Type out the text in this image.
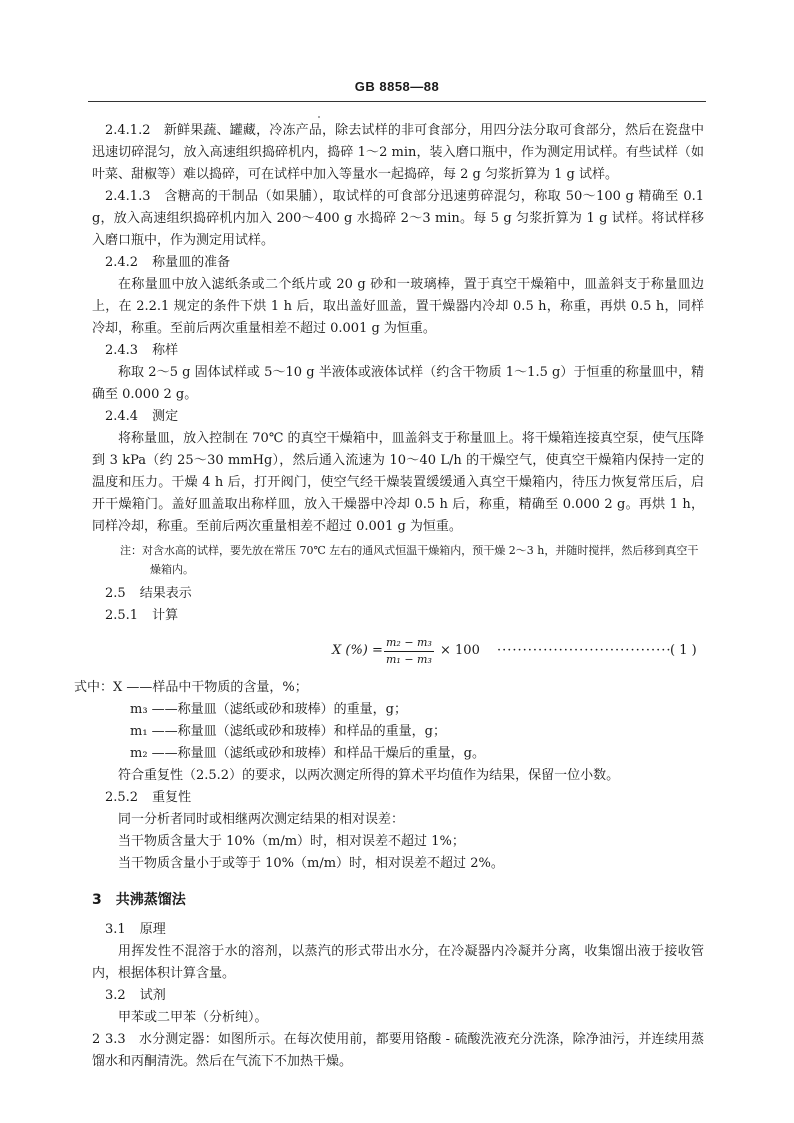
GB 8858—88

2.4.1.2　新鲜果蔬、罐藏，冷冻产品，除去试样的非可食部分，用四分法分取可食部分，然后在瓷盘中迅速切碎混匀，放入高速组织捣碎机内，捣碎 1～2 min，装入磨口瓶中，作为测定用试样。有些试样（如叶菜、甜椒等）难以捣碎，可在试样中加入等量水一起捣碎，每 2 g 匀浆折算为 1 g 试样。

2.4.1.3　含糖高的干制品（如果脯），取试样的可食部分迅速剪碎混匀，称取 50～100 g 精确至 0.1 g，放入高速组织捣碎机内加入 200～400 g 水捣碎 2～3 min。每 5 g 匀浆折算为 1 g 试样。将试样移入磨口瓶中，作为测定用试样。

2.4.2 称量皿的准备

在称量皿中放入滤纸条或二个纸片或 20 g 砂和一玻璃棒，置于真空干燥箱中，皿盖斜支于称量皿边上，在 2.2.1 规定的条件下烘 1 h 后，取出盖好皿盖，置干燥器内冷却 0.5 h，称重，再烘 0.5 h，同样冷却，称重。至前后两次重量相差不超过 0.001 g 为恒重。

2.4.3 称样

称取 2～5 g 固体试样或 5～10 g 半液体或液体试样（约含干物质 1～1.5 g）于恒重的称量皿中，精确至 0.000 2 g。

2.4.4 测定

将称量皿，放入控制在 70℃ 的真空干燥箱中，皿盖斜支于称量皿上。将干燥箱连接真空泵，使气压降到 3 kPa（约 25～30 mmHg），然后通入流速为 10～40 L/h 的干燥空气，使真空干燥箱内保持一定的温度和压力。干燥 4 h 后，打开阀门，使空气经干燥装置缓缓通入真空干燥箱内，待压力恢复常压后，启开干燥箱门。盖好皿盖取出称样皿，放入干燥器中冷却 0.5 h 后，称重，精确至 0.000 2 g。再烘 1 h，同样冷却，称重。至前后两次重量相差不超过 0.001 g 为恒重。

注：对含水高的试样，要先放在常压 70℃ 左右的通风式恒温干燥箱内，预干燥 2～3 h，并随时搅拌，然后移到真空干
燥箱内。

2.5 结果表示

2.5.1 计算

X (%) = $\frac{\text{m₂ − m₃}}{\text{m₁ − m₃}} \times 100$ ··································
( 1 )

式中：X ——样品中干物质的含量，%；

m₃ ——称量皿（滤纸或砂和玻棒）的重量，g；

m₁ ——称量皿（滤纸或砂和玻棒）和样品的重量，g；

m₂ ——称量皿（滤纸或砂和玻棒）和样品干燥后的重量，g。

符合重复性（2.5.2）的要求，以两次测定所得的算术平均值作为结果，保留一位小数。

2.5.2 重复性

同一分析者同时或相继两次测定结果的相对误差：

当干物质含量大于 10%（m/m）时，相对误差不超过 1%；

当干物质含量小于或等于 10%（m/m）时，相对误差不超过 2%。

3 共沸蒸馏法

3.1 原理

用挥发性不混溶于水的溶剂，以蒸汽的形式带出水分，在冷凝器内冷凝并分离，收集馏出液于接收管内，根据体积计算含量。

3.2 试剂

甲苯或二甲苯（分析纯）。

3.3　水分测定器：如图所示。在每次使用前，都要用铬酸 - 硫酸洗液充分洗涤，除净油污，并连续用蒸馏水和丙酮清洗。然后在气流下不加热干燥。

2
